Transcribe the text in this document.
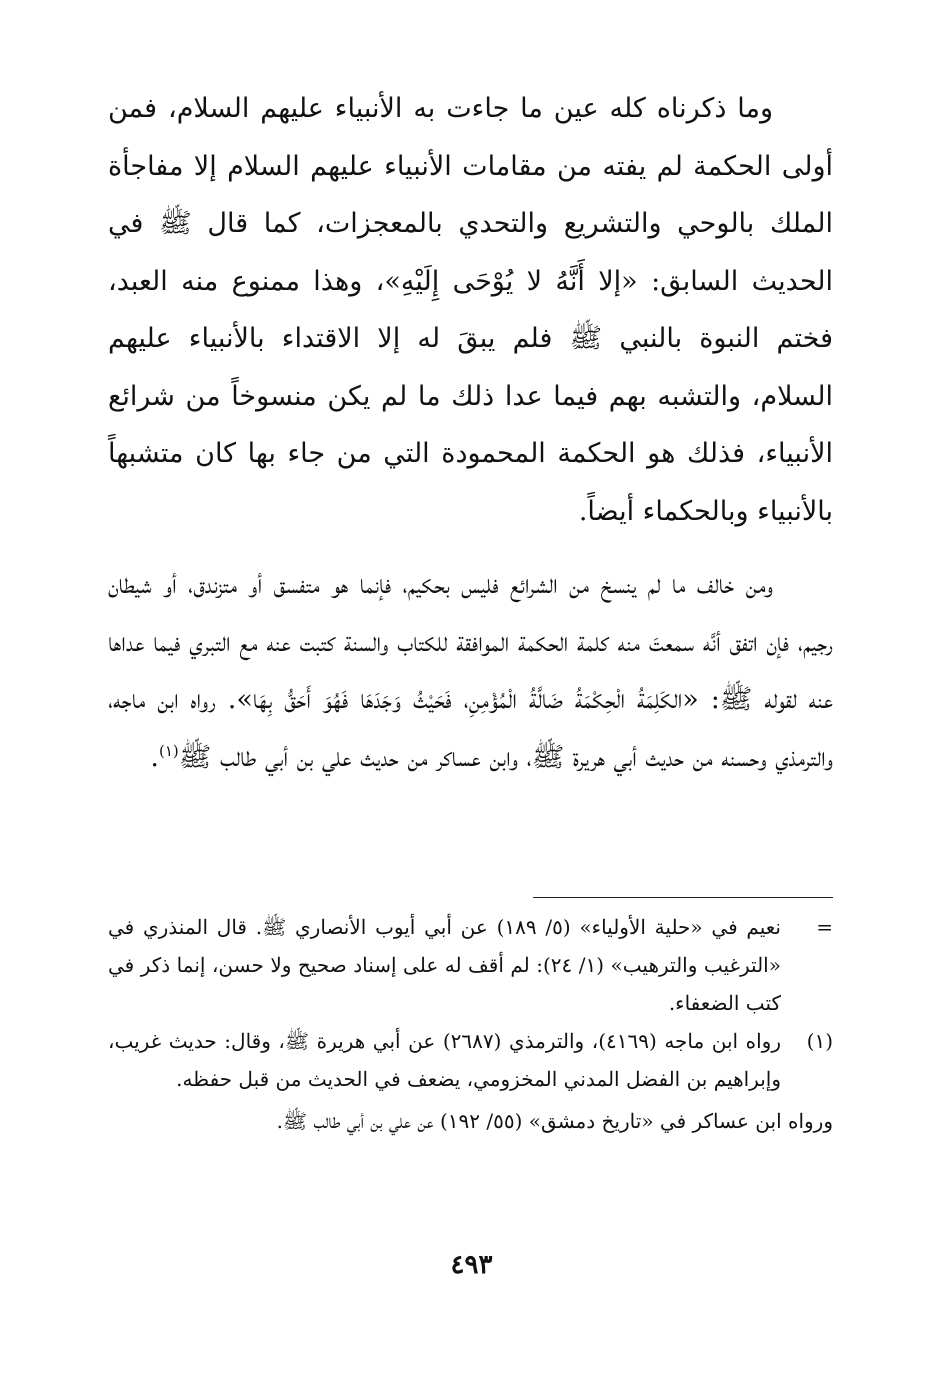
وما ذكرناه كله عين ما جاءت به الأنبياء عليهم السلام، فمن أولى الحكمة لم يفته من مقامات الأنبياء عليهم السلام إلا مفاجأة الملك بالوحي والتشريع والتحدي بالمعجزات، كما قال ﷺ في الحديث السابق: «إلا أَنَّهُ لا يُوْحَى إِلَيْهِ»، وهذا ممنوع منه العبد، فختم النبوة بالنبي ﷺ فلم يبقَ له إلا الاقتداء بالأنبياء عليهم السلام، والتشبه بهم فيما عدا ذلك ما لم يكن منسوخاً من شرائع الأنبياء، فذلك هو الحكمة المحمودة التي من جاء بها كان متشبهاً بالأنبياء وبالحكماء أيضاً.

ومن خالف ما لم ينسخ من الشرائع فليس بحكيم، فإنما هو متفسق أو متزندق، أو شيطان رجيم، فإن اتفق أنَّه سمعتَ منه كلمة الحكمة الموافقة للكتاب والسنة كتبت عنه مع التبري فيما عداها عنه لقوله ﷺ: «الكَلِمَةُ الْحِكْمَةُ ضَالَّةُ الْمُؤْمِنِ، فَحَيْثُ وَجَدَهَا فَهُوَ أَحَقُّ بِهَا». رواه ابن ماجه، والترمذي وحسنه من حديث أبي هريرة ﷺ، وابن عساكر من حديث علي بن أبي طالب ﷺ$^{(١)}$.

=
نعيم في «حلية الأولياء» (٥/ ١٨٩) عن أبي أيوب الأنصاري ﷺ. قال المنذري في «الترغيب والترهيب» (١/ ٢٤): لم أقف له على إسناد صحيح ولا حسن، إنما ذكر في كتب الضعفاء.

(١)
رواه ابن ماجه (٤١٦٩)، والترمذي (٢٦٨٧) عن أبي هريرة ﷺ، وقال: حديث غريب، وإبراهيم بن الفضل المدني المخزومي، يضعف في الحديث من قبل حفظه.

ورواه ابن عساكر في «تاريخ دمشق» (٥٥/ ١٩٢) عن علي بن أبي طالب ﷺ.

٤٩٣
